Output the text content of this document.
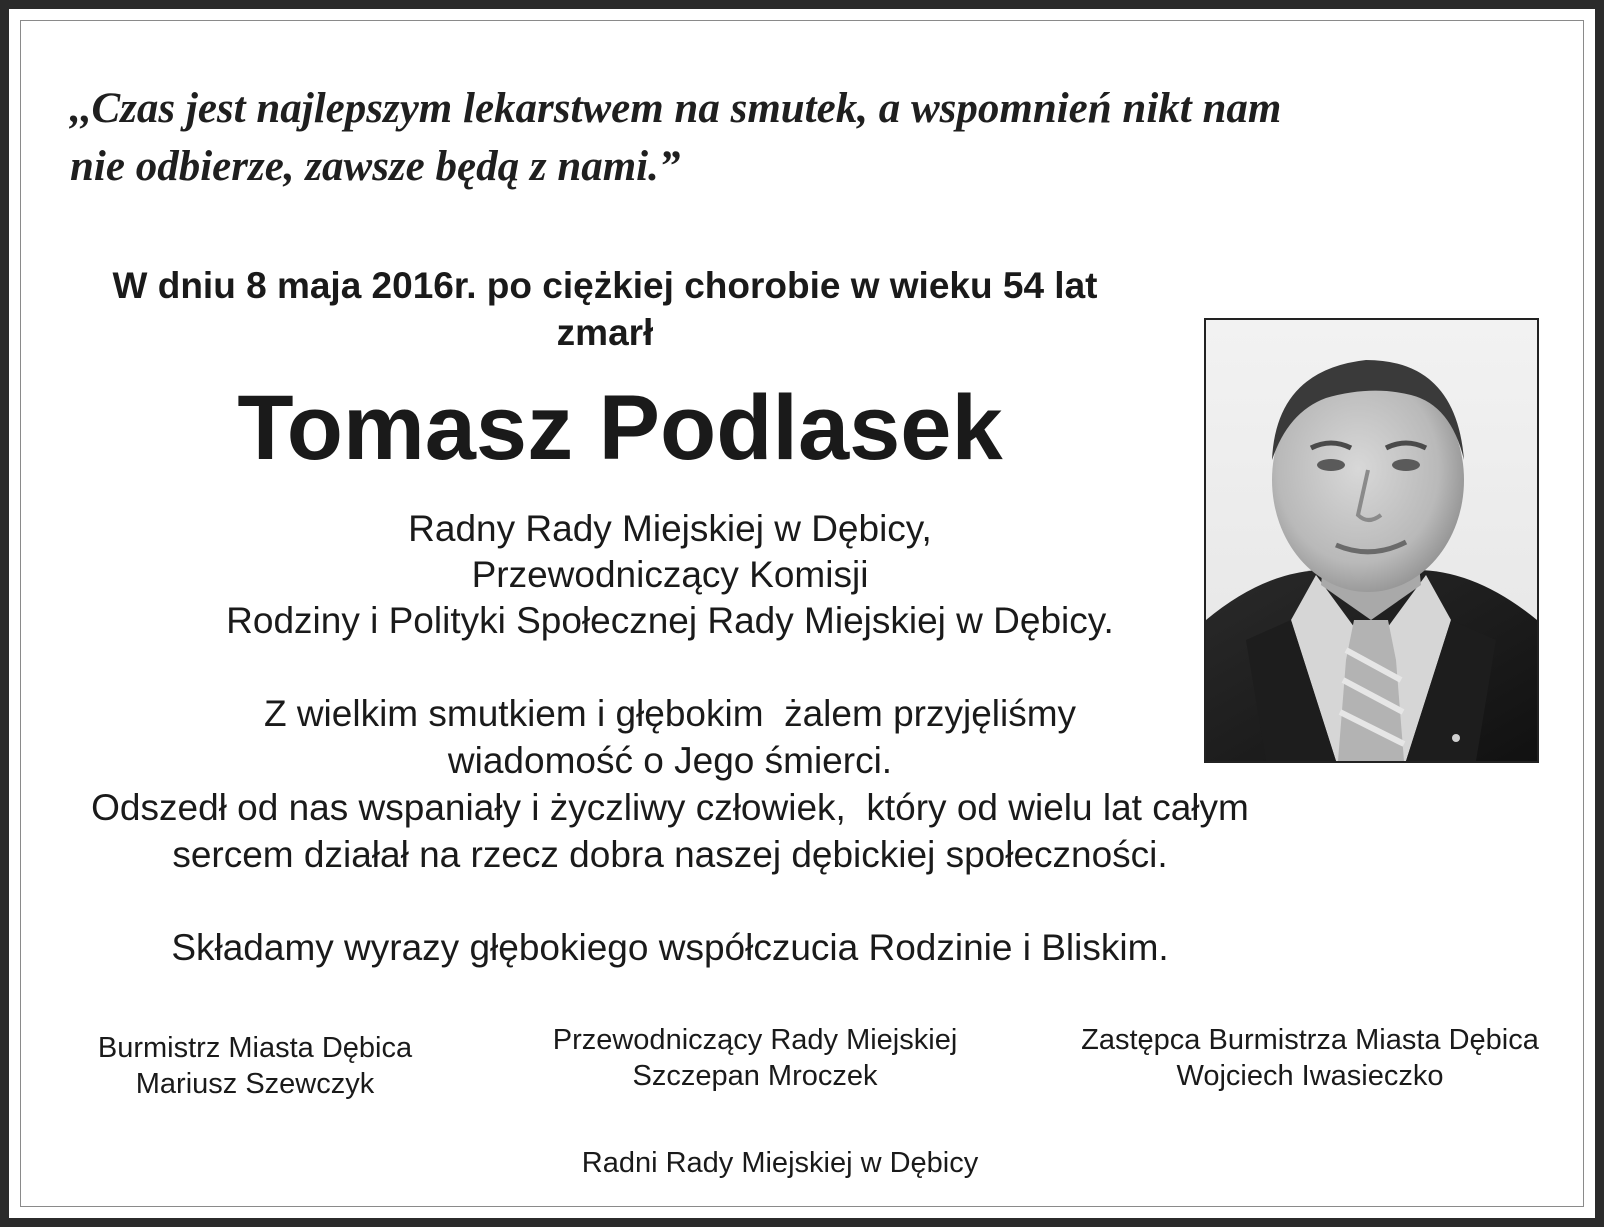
,,Czas jest najlepszym lekarstwem na smutek, a wspomnień nikt nam
nie odbierze, zawsze będą z nami.”
W dniu 8 maja 2016r. po ciężkiej chorobie w wieku 54 lat
zmarł
Tomasz Podlasek
Radny Rady Miejskiej w Dębicy,
Przewodniczący Komisji
Rodziny i Polityki Społecznej Rady Miejskiej w Dębicy.
Z wielkim smutkiem i głębokim  żalem przyjęliśmy
wiadomość o Jego śmierci.
Odszedł od nas wspaniały i życzliwy człowiek,  który od wielu lat całym
sercem działał na rzecz dobra naszej dębickiej społeczności.

Składamy wyrazy głębokiego współczucia Rodzinie i Bliskim.

Burmistrz Miasta Dębica
Mariusz Szewczyk
Przewodniczący Rady Miejskiej
Szczepan Mroczek
Zastępca Burmistrza Miasta Dębica
Wojciech Iwasieczko

Radni Rady Miejskiej w Dębicy
